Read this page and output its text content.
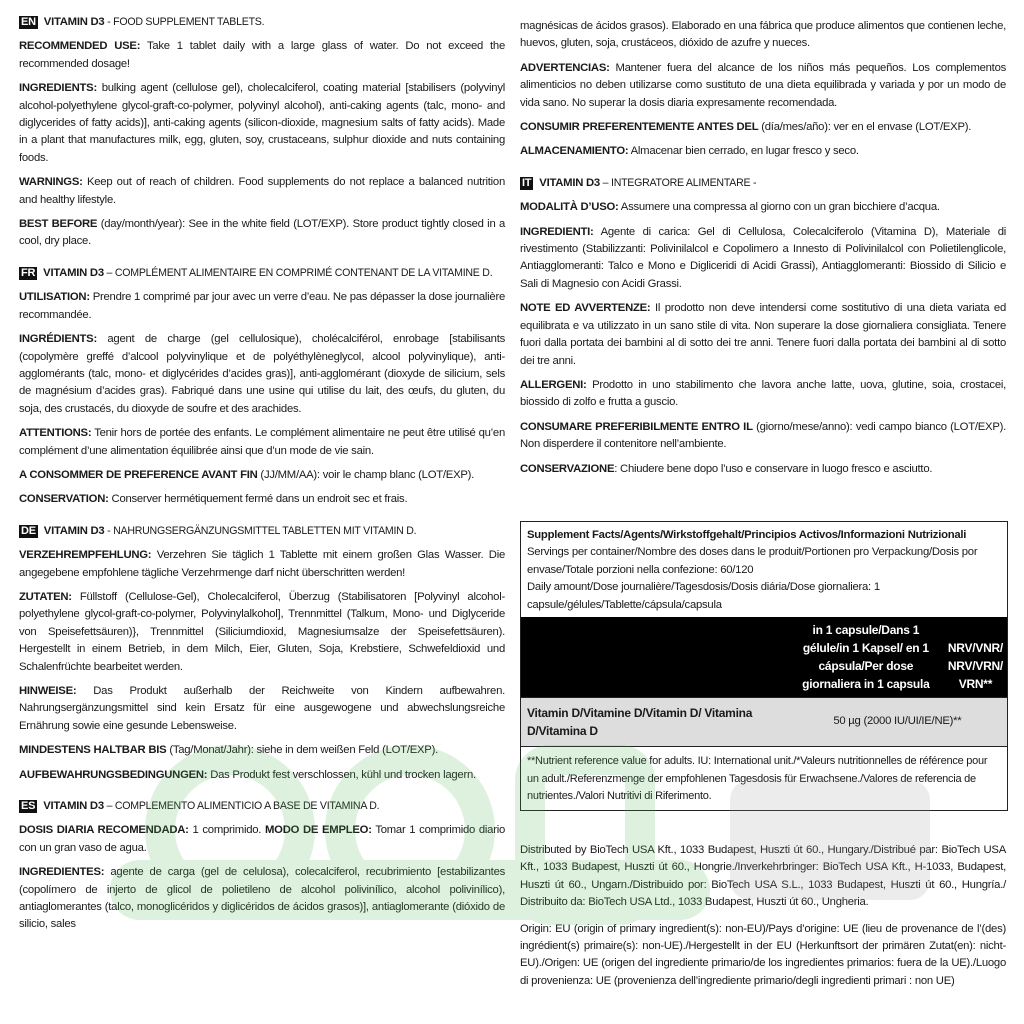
EN VITAMIN D3 - FOOD SUPPLEMENT TABLETS.
RECOMMENDED USE: Take 1 tablet daily with a large glass of water. Do not exceed the recommended dosage!
INGREDIENTS: bulking agent (cellulose gel), cholecalciferol, coating material [stabilisers (polyvinyl alcohol-polyethylene glycol-graft-co-polymer, polyvinyl alcohol), anti-caking agents (talc, mono- and diglycerides of fatty acids)], anti-caking agents (silicon-dioxide, magnesium salts of fatty acids). Made in a plant that manufactures milk, egg, gluten, soy, crustaceans, sulphur dioxide and nuts containing foods.
WARNINGS: Keep out of reach of children. Food supplements do not replace a balanced nutrition and healthy lifestyle.
BEST BEFORE (day/month/year): See in the white field (LOT/EXP). Store product tightly closed in a cool, dry place.
FR VITAMIN D3 – COMPLÉMENT ALIMENTAIRE EN COMPRIMÉ CONTENANT DE LA VITAMINE D.
UTILISATION: Prendre 1 comprimé par jour avec un verre d’eau. Ne pas dépasser la dose journalière recommandée.
INGRÉDIENTS: agent de charge (gel cellulosique), cholécalciférol, enrobage [stabilisants (copolymère greffé d’alcool polyvinylique et de polyéthylèneglycol, alcool polyvinylique), anti-agglomérants (talc, mono- et diglycérides d’acides gras)], anti-agglomérant (dioxyde de silicium, sels de magnésium d’acides gras). Fabriqué dans une usine qui utilise du lait, des œufs, du gluten, du soja, des crustacés, du dioxyde de soufre et des arachides.
ATTENTIONS: Tenir hors de portée des enfants. Le complément alimentaire ne peut être utilisé qu’en complément d’une alimentation équilibrée ainsi que d’un mode de vie sain.
A CONSOMMER DE PREFERENCE AVANT FIN (JJ/MM/AA): voir le champ blanc (LOT/EXP).
CONSERVATION: Conserver hermétiquement fermé dans un endroit sec et frais.
DE VITAMIN D3 - NAHRUNGSERGÄNZUNGSMITTEL TABLETTEN MIT VITAMIN D.
VERZEHREMPFEHLUNG: Verzehren Sie täglich 1 Tablette mit einem großen Glas Wasser. Die angegebene empfohlene tägliche Verzehrmenge darf nicht überschritten werden!
ZUTATEN: Füllstoff (Cellulose-Gel), Cholecalciferol, Überzug (Stabilisatoren [Polyvinyl alcohol-polyethylene glycol-graft-co-polymer, Polyvinylalkohol], Trennmittel (Talkum, Mono- und Diglyceride von Speisefettsäuren)}, Trennmittel (Siliciumdioxid, Magnesiumsalze der Speisefettsäuren). Hergestellt in einem Betrieb, in dem Milch, Eier, Gluten, Soja, Krebstiere, Schwefeldioxid und Schalenfrüchte bearbeitet werden.
HINWEISE: Das Produkt außerhalb der Reichweite von Kindern aufbewahren. Nahrungsergänzungsmittel sind kein Ersatz für eine ausgewogene und abwechslungsreiche Ernährung sowie eine gesunde Lebensweise.
MINDESTENS HALTBAR BIS (Tag/Monat/Jahr): siehe in dem weißen Feld (LOT/EXP).
AUFBEWAHRUNGSBEDINGUNGEN: Das Produkt fest verschlossen, kühl und trocken lagern.
ES VITAMIN D3 – COMPLEMENTO ALIMENTICIO A BASE DE VITAMINA D.
DOSIS DIARIA RECOMENDADA: 1 comprimido. MODO DE EMPLEO: Tomar 1 comprimido diario con un gran vaso de agua.
INGREDIENTES: agente de carga (gel de celulosa), colecalciferol, recubrimiento [estabilizantes (copolímero de injerto de glicol de polietileno de alcohol polivinílico, alcohol polivinílico), antiaglomerantes (talco, monoglicéridos y diglicéridos de ácidos grasos)], antiaglomerante (dióxido de silicio, sales
magnésicas de ácidos grasos). Elaborado en una fábrica que produce alimentos que contienen leche, huevos, gluten, soja, crustáceos, dióxido de azufre y nueces.
ADVERTENCIAS: Mantener fuera del alcance de los niños más pequeños. Los complementos alimenticios no deben utilizarse como sustituto de una dieta equilibrada y variada y por un modo de vida sano. No superar la dosis diaria expresamente recomendada.
CONSUMIR PREFERENTEMENTE ANTES DEL (día/mes/año): ver en el envase (LOT/EXP).
ALMACENAMIENTO: Almacenar bien cerrado, en lugar fresco y seco.
IT VITAMIN D3 – INTEGRATORE ALIMENTARE -
MODALITÀ D’USO: Assumere una compressa al giorno con un gran bicchiere d’acqua.
INGREDIENTI: Agente di carica: Gel di Cellulosa, Colecalciferolo (Vitamina D), Materiale di rivestimento (Stabilizzanti: Polivinilalcol e Copolimero a Innesto di Polivinilalcol con Polietilenglicole, Antiagglomeranti: Talco e Mono e Digliceridi di Acidi Grassi), Antiagglomeranti: Biossido di Silicio e Sali di Magnesio con Acidi Grassi.
NOTE ED AVVERTENZE: Il prodotto non deve intendersi come sostitutivo di una dieta variata ed equilibrata e va utilizzato in un sano stile di vita. Non superare la dose giornaliera consigliata. Tenere fuori dalla portata dei bambini al di sotto dei tre anni. Tenere fuori dalla portata dei bambini al di sotto dei tre anni.
ALLERGENI: Prodotto in uno stabilimento che lavora anche latte, uova, glutine, soia, crostacei, biossido di zolfo e frutta a guscio.
CONSUMARE PREFERIBILMENTE ENTRO IL (giorno/mese/anno): vedi campo bianco (LOT/EXP). Non disperdere il contenitore nell’ambiente.
CONSERVAZIONE: Chiudere bene dopo l’uso e conservare in luogo fresco e asciutto.
Supplement Facts/Agents/Wirkstoffgehalt/Principios Activos/Informazioni Nutrizionali
Servings per container/Nombre des doses dans le produit/Portionen pro Verpackung/Dosis por envase/Totale porzioni nella confezione: 60/120
Daily amount/Dose journalière/Tagesdosis/Dosis diária/Dose giornaliera: 1 capsule/gélules/Tablette/cápsula/capsula
	in 1 capsule/Dans 1 gélule/in 1 Kapsel/ en 1 cápsula/Per dose giornaliera in 1 capsula	NRV/VNR/ NRV/VRN/ VRN**
Vitamin D/Vitamine D/Vitamin D/ Vitamina D/Vitamina D	50 µg (2000 IU/UI/IE/NE)**	
**Nutrient reference value for adults. IU: International unit./*Valeurs nutritionnelles de référence pour un adult./Referenzmenge der empfohlenen Tagesdosis für Erwachsene./Valores de referencia de nutrientes./Valori Nutritivi di Riferimento.
Distributed by BioTech USA Kft., 1033 Budapest, Huszti út 60., Hungary./Distribué par: BioTech USA Kft., 1033 Budapest, Huszti út 60., Hongrie./Inverkehrbringer: BioTech USA Kft., H-1033, Budapest, Huszti út 60., Ungarn./Distribuido por: BioTech USA S.L., 1033 Budapest, Huszti út 60., Hungría./ Distribuito da: BioTech USA Ltd., 1033 Budapest, Huszti út 60., Ungheria.
Origin: EU (origin of primary ingredient(s): non-EU)/Pays d’origine: UE (lieu de provenance de l’(des) ingrédient(s) primaire(s): non-UE)./Hergestellt in der EU (Herkunftsort der primären Zutat(en): nicht-EU)./Origen: UE (origen del ingrediente primario/de los ingredientes primarios: fuera de la UE)./Luogo di provenienza: UE (provenienza dell’ingrediente primario/degli ingredienti primari : non UE)
